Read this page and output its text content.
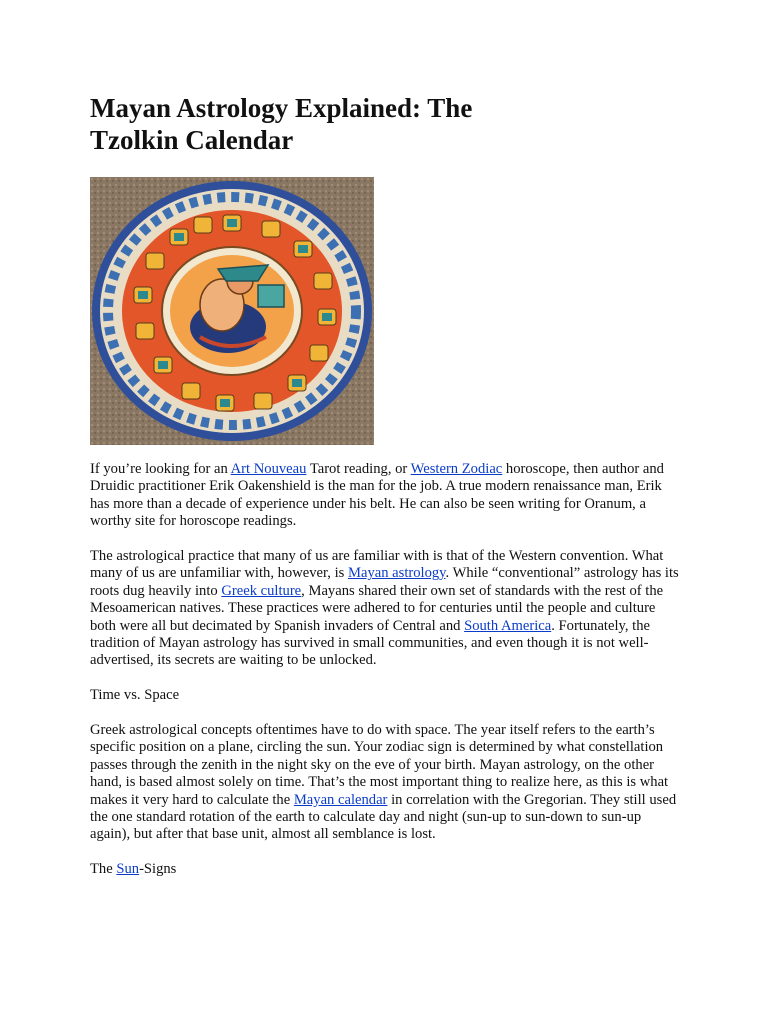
Mayan Astrology Explained: The Tzolkin Calendar

If you’re looking for an Art Nouveau Tarot reading, or Western Zodiac horoscope, then author and Druidic practitioner Erik Oakenshield is the man for the job. A true modern renaissance man, Erik has more than a decade of experience under his belt. He can also be seen writing for Oranum, a worthy site for horoscope readings.

The astrological practice that many of us are familiar with is that of the Western convention. What many of us are unfamiliar with, however, is Mayan astrology. While “conventional” astrology has its roots dug heavily into Greek culture, Mayans shared their own set of standards with the rest of the Mesoamerican natives. These practices were adhered to for centuries until the people and culture both were all but decimated by Spanish invaders of Central and South America. Fortunately, the tradition of Mayan astrology has survived in small communities, and even though it is not well-advertised, its secrets are waiting to be unlocked.

Time vs. Space

Greek astrological concepts oftentimes have to do with space. The year itself refers to the earth’s specific position on a plane, circling the sun. Your zodiac sign is determined by what constellation passes through the zenith in the night sky on the eve of your birth. Mayan astrology, on the other hand, is based almost solely on time. That’s the most important thing to realize here, as this is what makes it very hard to calculate the Mayan calendar in correlation with the Gregorian. They still used the one standard rotation of the earth to calculate day and night (sun-up to sun-down to sun-up again), but after that base unit, almost all semblance is lost.

The Sun-Signs
